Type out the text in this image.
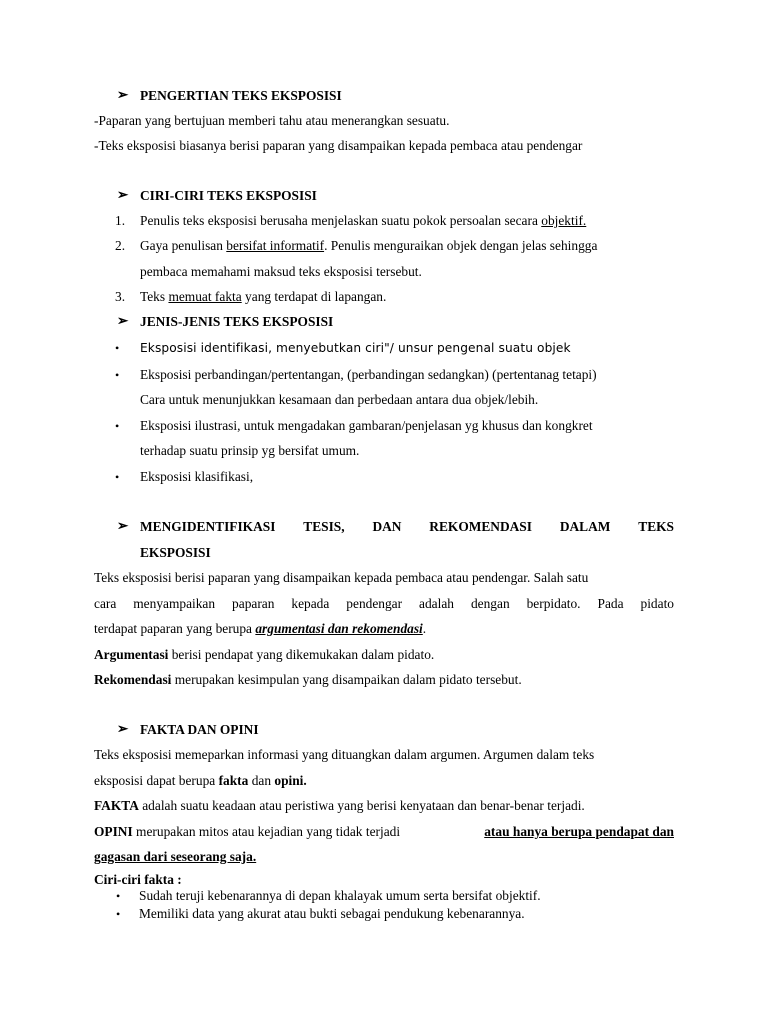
➢ PENGERTIAN TEKS EKSPOSISI
-Paparan yang bertujuan memberi tahu atau menerangkan sesuatu.
-Teks eksposisi biasanya berisi paparan yang disampaikan kepada pembaca atau pendengar
➢ CIRI-CIRI TEKS EKSPOSISI
1. Penulis teks eksposisi berusaha menjelaskan suatu pokok persoalan secara objektif.
2. Gaya penulisan bersifat informatif. Penulis menguraikan objek dengan jelas sehingga
pembaca memahami maksud teks eksposisi tersebut.
3. Teks memuat fakta yang terdapat di lapangan.
➢ JENIS-JENIS TEKS EKSPOSISI
• Eksposisi identifikasi, menyebutkan ciri"/ unsur pengenal suatu objek
• Eksposisi perbandingan/pertentangan, (perbandingan sedangkan) (pertentanag tetapi)
Cara untuk menunjukkan kesamaan dan perbedaan antara dua objek/lebih.
• Eksposisi ilustrasi, untuk mengadakan gambaran/penjelasan yg khusus dan kongkret
terhadap suatu prinsip yg bersifat umum.
• Eksposisi klasifikasi,
➢ MENGIDENTIFIKASI TESIS, DAN REKOMENDASI DALAM TEKS
EKSPOSISI
Teks eksposisi berisi paparan yang disampaikan kepada pembaca atau pendengar. Salah satu
cara menyampaikan paparan kepada pendengar adalah dengan berpidato. Pada pidato
terdapat paparan yang berupa argumentasi dan rekomendasi.
Argumentasi berisi pendapat yang dikemukakan dalam pidato.
Rekomendasi merupakan kesimpulan yang disampaikan dalam pidato tersebut.
➢ FAKTA DAN OPINI
Teks eksposisi memeparkan informasi yang dituangkan dalam argumen. Argumen dalam teks
eksposisi dapat berupa fakta dan opini.
FAKTA adalah suatu keadaan atau peristiwa yang berisi kenyataan dan benar-benar terjadi.
OPINI merupakan mitos atau kejadian yang tidak terjadi	atau hanya berupa pendapat dan
gagasan dari seseorang saja.
Ciri-ciri fakta :
• Sudah teruji kebenarannya di depan khalayak umum serta bersifat objektif.
• Memiliki data yang akurat atau bukti sebagai pendukung kebenarannya.
